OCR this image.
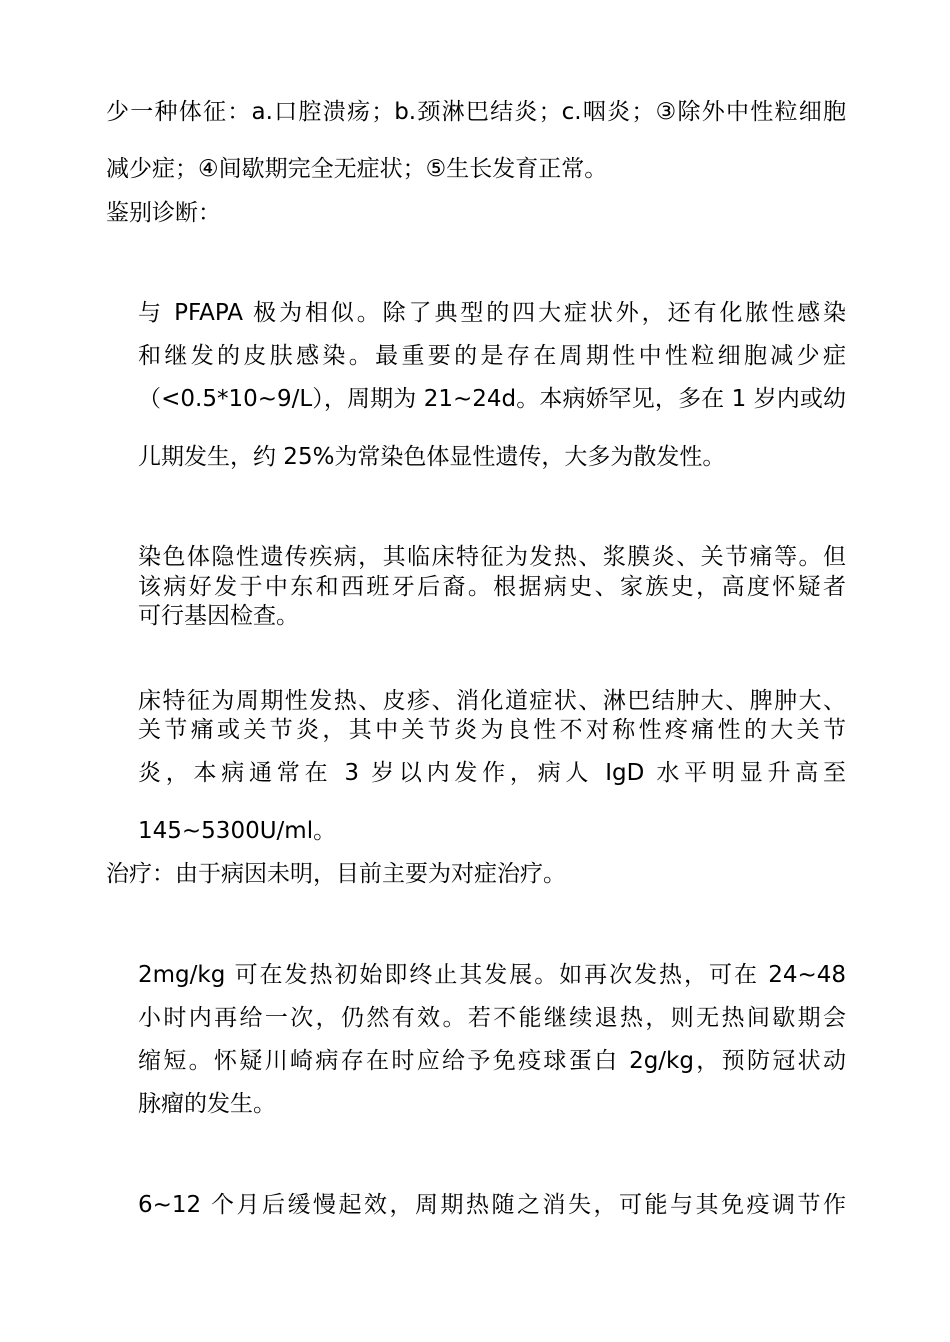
少一种体征：a.口腔溃疡；b.颈淋巴结炎；c.咽炎；③除外中性粒细胞
减少症；④间歇期完全无症状；⑤生长发育正常。
鉴别诊断：
与 PFAPA 极为相似。除了典型的四大症状外，还有化脓性感染
和继发的皮肤感染。最重要的是存在周期性中性粒细胞减少症
（<0.5*10~9/L），周期为 21~24d。本病娇罕见，多在 1 岁内或幼
儿期发生，约 25%为常染色体显性遗传，大多为散发性。
染色体隐性遗传疾病，其临床特征为发热、浆膜炎、关节痛等。但
该病好发于中东和西班牙后裔。根据病史、家族史，高度怀疑者
可行基因检查。
床特征为周期性发热、皮疹、消化道症状、淋巴结肿大、脾肿大、
关节痛或关节炎，其中关节炎为良性不对称性疼痛性的大关节
炎，本病通常在 3 岁以内发作，病人 IgD 水平明显升高至
145~5300U/ml。
治疗：由于病因未明，目前主要为对症治疗。
2mg/kg 可在发热初始即终止其发展。如再次发热，可在 24~48
小时内再给一次，仍然有效。若不能继续退热，则无热间歇期会
缩短。怀疑川崎病存在时应给予免疫球蛋白 2g/kg，预防冠状动
脉瘤的发生。
6~12 个月后缓慢起效，周期热随之消失，可能与其免疫调节作
